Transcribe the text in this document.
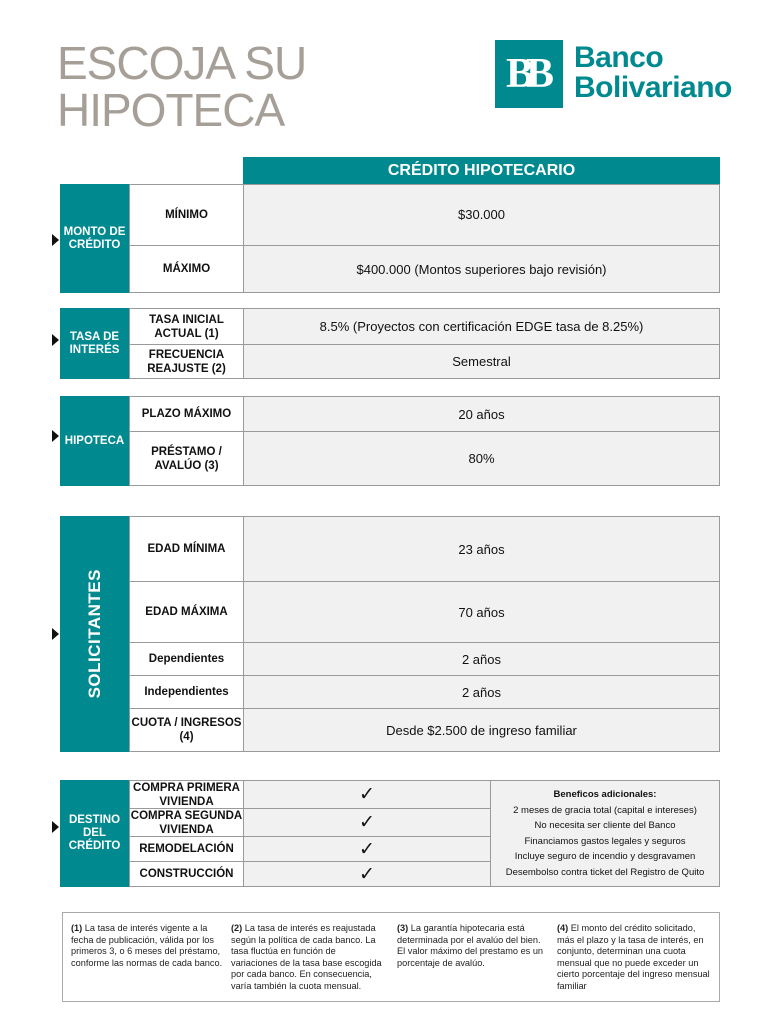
ESCOJA SU
HIPOTECA
BB Banco
Bolivariano
CRÉDITO HIPOTECARIO
MONTO DE CRÉDITO
MÍNIMO	$30.000
MÁXIMO	$400.000 (Montos superiores bajo revisión)
TASA DE INTERÉS
TASA INICIAL ACTUAL (1)	8.5% (Proyectos con certificación EDGE tasa de 8.25%)
FRECUENCIA REAJUSTE (2)	Semestral
HIPOTECA
PLAZO MÁXIMO	20 años
PRÉSTAMO / AVALÚO (3)	80%
SOLICITANTES
EDAD MÍNIMA	23 años
EDAD MÁXIMA	70 años
Dependientes	2 años
Independientes	2 años
CUOTA / INGRESOS (4)	Desde $2.500 de ingreso familiar
DESTINO DEL CRÉDITO
COMPRA PRIMERA VIVIENDA	✓
COMPRA SEGUNDA VIVIENDA	✓
REMODELACIÓN	✓
CONSTRUCCIÓN	✓
Beneficos adicionales:
2 meses de gracia total (capital e intereses)
No necesita ser cliente del Banco
Financiamos gastos legales y seguros
Incluye seguro de incendio y desgravamen
Desembolso contra ticket del Registro de Quito
(1) La tasa de interés vigente a la fecha de publicación, válida por los primeros 3, o 6 meses del préstamo, conforme las normas de cada banco.
(2) La tasa de interés es reajustada según la política de cada banco. La tasa fluctúa en función de variaciones de la tasa base escogida por cada banco. En consecuencia, varía también la cuota mensual.
(3) La garantía hipotecaria está determinada por el avalúo del bien. El valor máximo del prestamo es un porcentaje de avalúo.
(4) El monto del crédito solicitado, más el plazo y la tasa de interés, en conjunto, determinan una cuota mensual que no puede exceder un cierto porcentaje del ingreso mensual familiar
